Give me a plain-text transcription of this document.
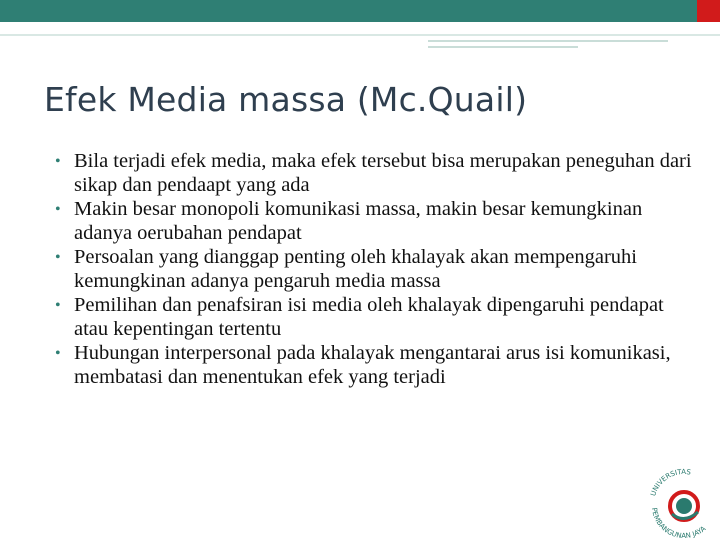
Efek Media massa (Mc.Quail)
• Bila terjadi efek media, maka efek tersebut bisa merupakan peneguhan dari sikap dan pendaapt yang ada
• Makin besar monopoli komunikasi massa, makin besar kemungkinan adanya oerubahan pendapat
• Persoalan yang dianggap penting oleh khalayak akan mempengaruhi kemungkinan adanya pengaruh media massa
• Pemilihan dan penafsiran isi media oleh khalayak dipengaruhi pendapat atau kepentingan tertentu
• Hubungan interpersonal pada khalayak mengantarai arus isi komunikasi, membatasi dan menentukan efek yang terjadi
UNIVERSITAS
PEMBANGUNAN JAYA
